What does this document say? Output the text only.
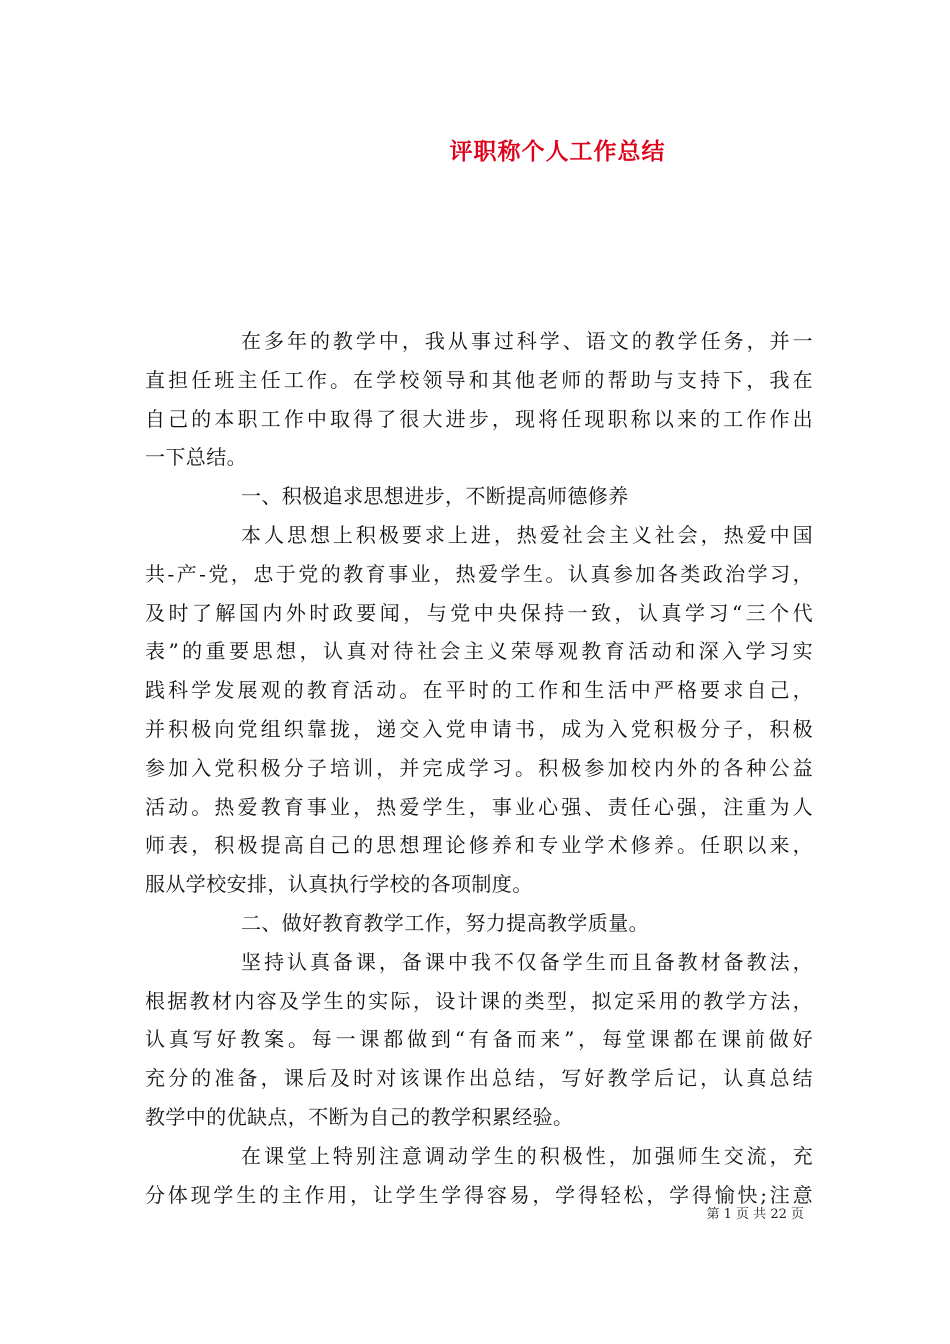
评职称个人工作总结
在多年的教学中，我从事过科学、语文的教学任务，并一
直担任班主任工作。在学校领导和其他老师的帮助与支持下，我在
自己的本职工作中取得了很大进步，现将任现职称以来的工作作出
一下总结。
一、积极追求思想进步，不断提高师德修养
本人思想上积极要求上进，热爱社会主义社会，热爱中国
共-产-党，忠于党的教育事业，热爱学生。认真参加各类政治学习，
及时了解国内外时政要闻，与党中央保持一致，认真学习“三个代
表”的重要思想，认真对待社会主义荣辱观教育活动和深入学习实
践科学发展观的教育活动。在平时的工作和生活中严格要求自己，
并积极向党组织靠拢，递交入党申请书，成为入党积极分子，积极
参加入党积极分子培训，并完成学习。积极参加校内外的各种公益
活动。热爱教育事业，热爱学生，事业心强、责任心强，注重为人
师表，积极提高自己的思想理论修养和专业学术修养。任职以来，
服从学校安排，认真执行学校的各项制度。
二、做好教育教学工作，努力提高教学质量。
坚持认真备课，备课中我不仅备学生而且备教材备教法，
根据教材内容及学生的实际，设计课的类型，拟定采用的教学方法，
认真写好教案。每一课都做到“有备而来”，每堂课都在课前做好
充分的准备，课后及时对该课作出总结，写好教学后记，认真总结
教学中的优缺点，不断为自己的教学积累经验。
在课堂上特别注意调动学生的积极性，加强师生交流，充
分体现学生的主作用，让学生学得容易，学得轻松，学得愉快;注意
第 1 页 共 22 页
